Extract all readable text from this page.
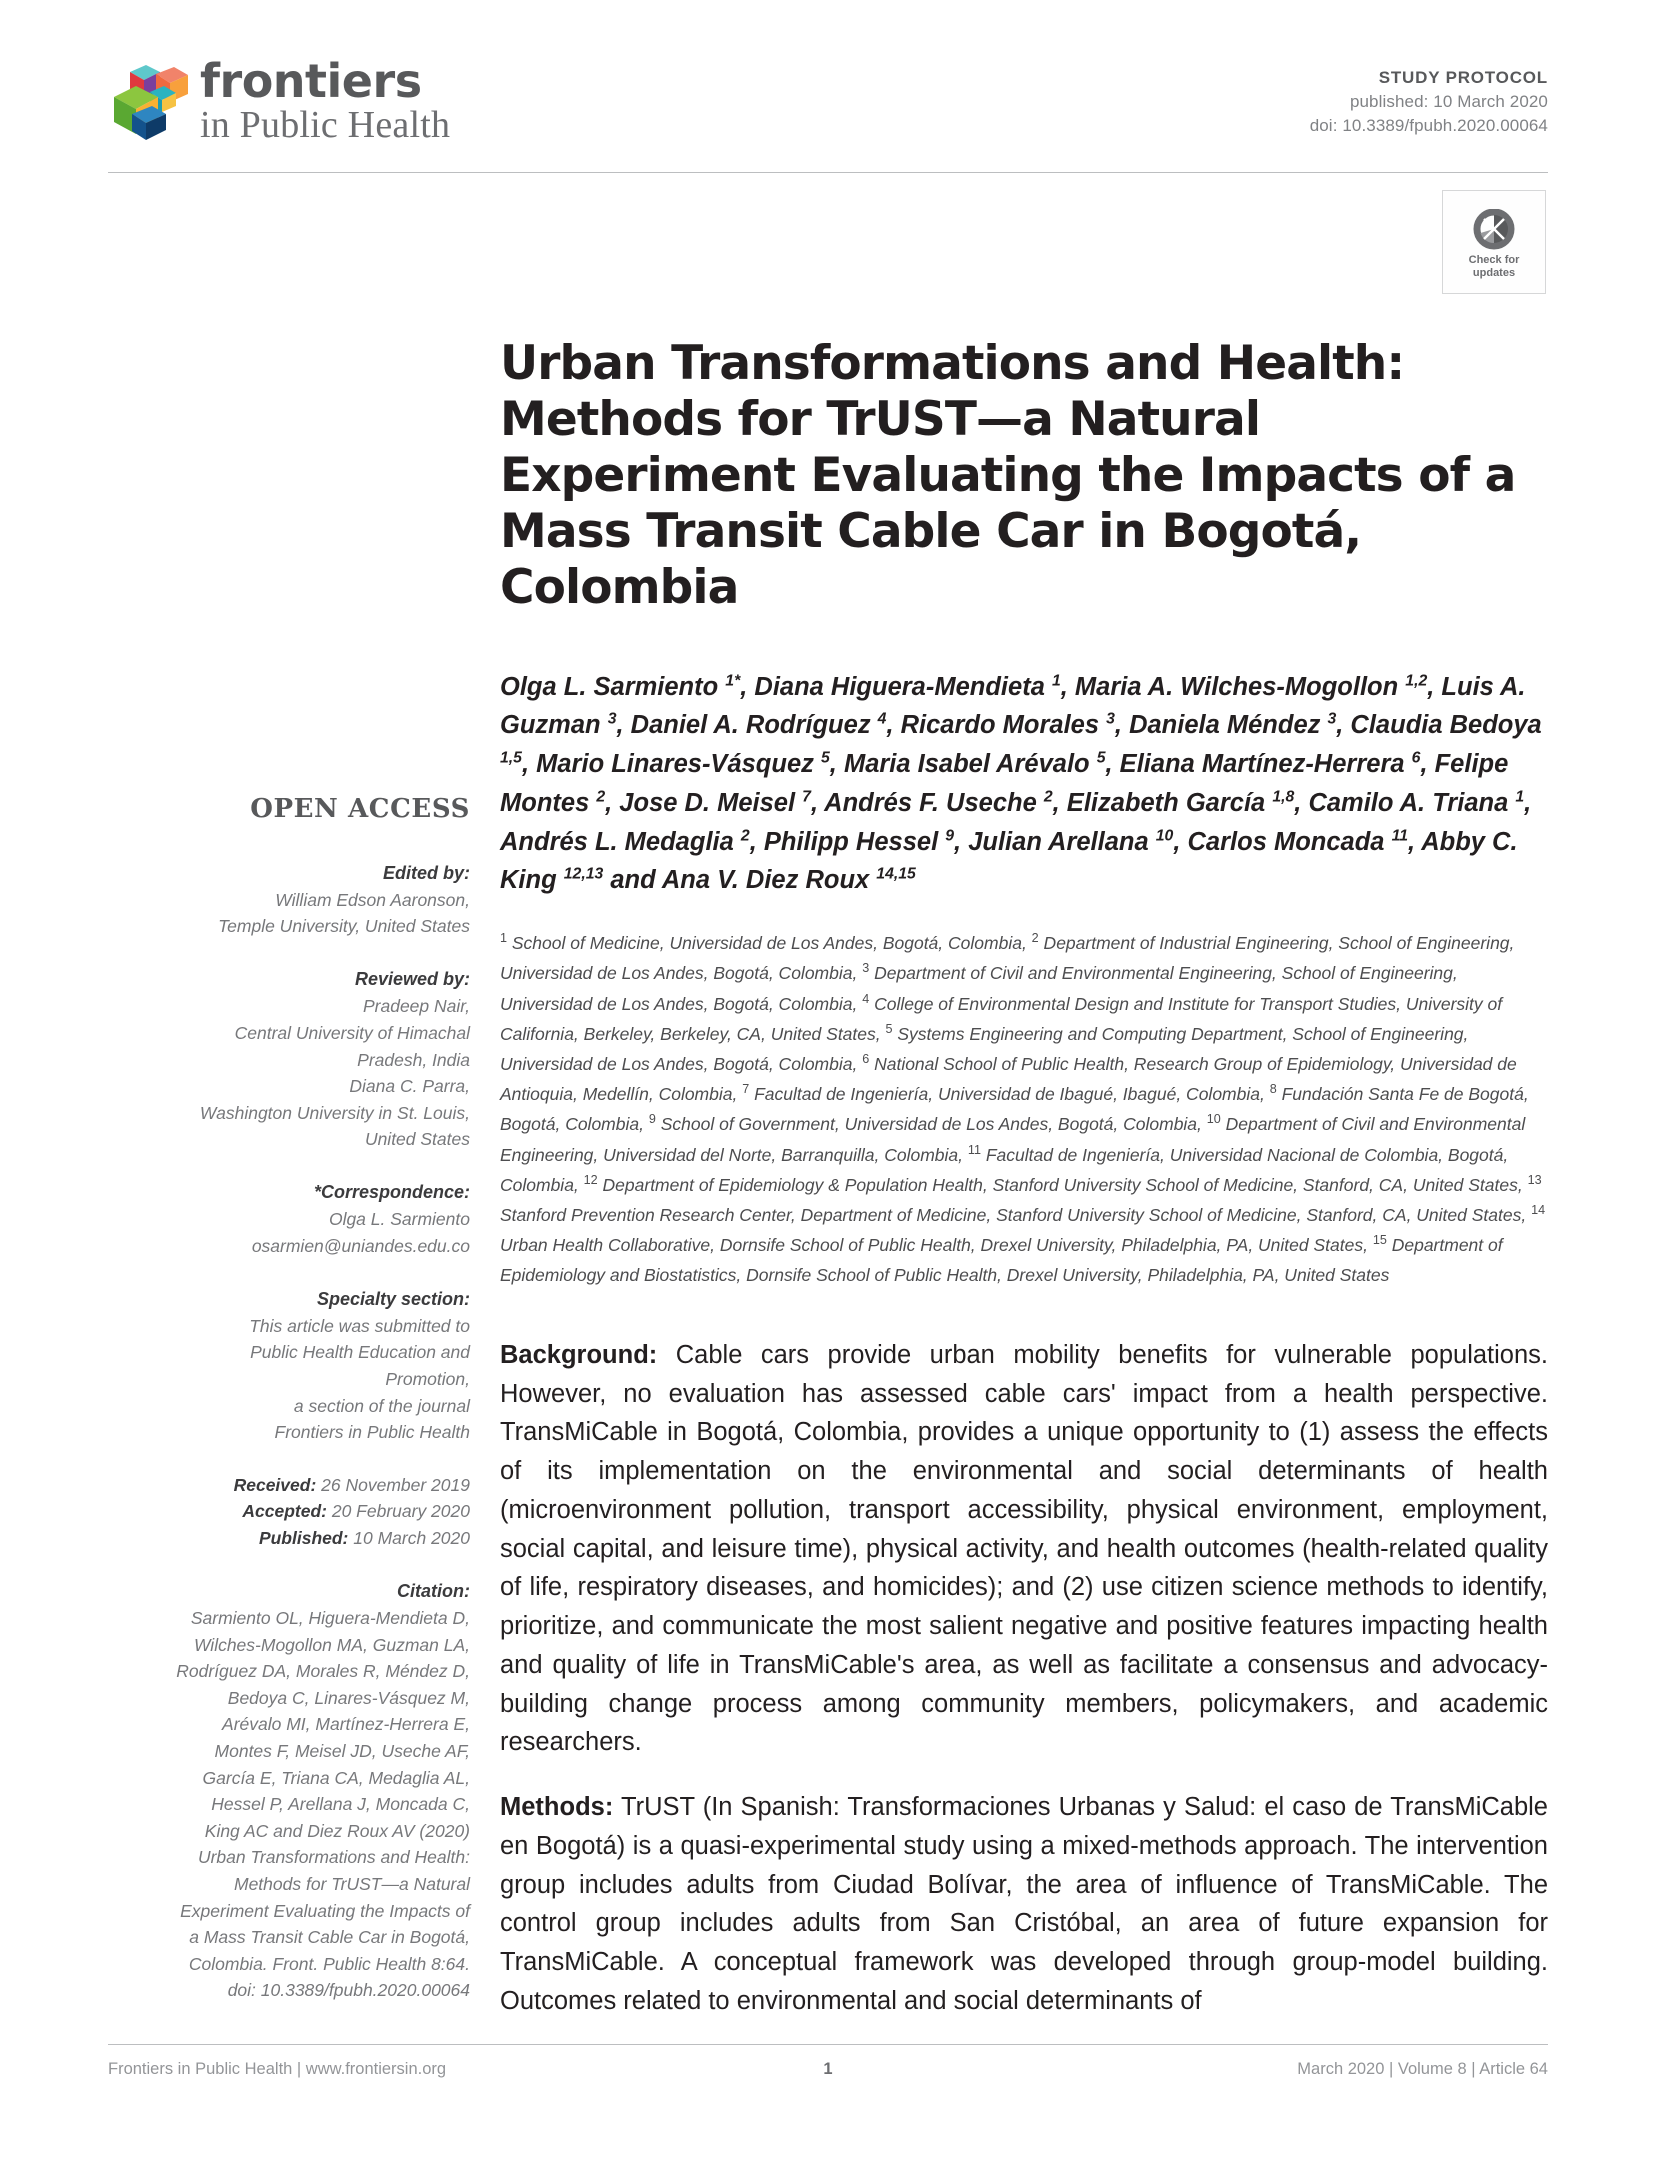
frontiers
in Public Health
STUDY PROTOCOL
published: 10 March 2020
doi: 10.3389/fpubh.2020.00064
Check for
updates
OPEN ACCESS
Edited by:
William Edson Aaronson,
Temple University, United States
Reviewed by:
Pradeep Nair,
Central University of Himachal
Pradesh, India
Diana C. Parra,
Washington University in St. Louis,
United States
*Correspondence:
Olga L. Sarmiento
osarmien@uniandes.edu.co
Specialty section:
This article was submitted to
Public Health Education and
Promotion,
a section of the journal
Frontiers in Public Health
Received: 26 November 2019
Accepted: 20 February 2020
Published: 10 March 2020
Citation:
Sarmiento OL, Higuera-Mendieta D,
Wilches-Mogollon MA, Guzman LA,
Rodríguez DA, Morales R, Méndez D,
Bedoya C, Linares-Vásquez M,
Arévalo MI, Martínez-Herrera E,
Montes F, Meisel JD, Useche AF,
García E, Triana CA, Medaglia AL,
Hessel P, Arellana J, Moncada C,
King AC and Diez Roux AV (2020)
Urban Transformations and Health:
Methods for TrUST—a Natural
Experiment Evaluating the Impacts of
a Mass Transit Cable Car in Bogotá,
Colombia. Front. Public Health 8:64.
doi: 10.3389/fpubh.2020.00064
Urban Transformations and Health: Methods for TrUST—a Natural Experiment Evaluating the Impacts of a Mass Transit Cable Car in Bogotá, Colombia
Olga L. Sarmiento $^{1*}$, Diana Higuera-Mendieta $^1$, Maria A. Wilches-Mogollon $^{1,2}$, Luis A. Guzman $^3$, Daniel A. Rodríguez $^4$, Ricardo Morales $^3$, Daniela Méndez $^3$, Claudia Bedoya $^{1,5}$, Mario Linares-Vásquez $^5$, Maria Isabel Arévalo $^5$, Eliana Martínez-Herrera $^6$, Felipe Montes $^2$, Jose D. Meisel $^7$, Andrés F. Useche $^2$, Elizabeth García $^{1,8}$, Camilo A. Triana $^1$, Andrés L. Medaglia $^2$, Philipp Hessel $^9$, Julian Arellana $^{10}$, Carlos Moncada $^{11}$, Abby C. King $^{12,13}$ and Ana V. Diez Roux $^{14,15}$
$^1$ School of Medicine, Universidad de Los Andes, Bogotá, Colombia, $^2$ Department of Industrial Engineering, School of Engineering, Universidad de Los Andes, Bogotá, Colombia, $^3$ Department of Civil and Environmental Engineering, School of Engineering, Universidad de Los Andes, Bogotá, Colombia, $^4$ College of Environmental Design and Institute for Transport Studies, University of California, Berkeley, Berkeley, CA, United States, $^5$ Systems Engineering and Computing Department, School of Engineering, Universidad de Los Andes, Bogotá, Colombia, $^6$ National School of Public Health, Research Group of Epidemiology, Universidad de Antioquia, Medellín, Colombia, $^7$ Facultad de Ingeniería, Universidad de Ibagué, Ibagué, Colombia, $^8$ Fundación Santa Fe de Bogotá, Bogotá, Colombia, $^9$ School of Government, Universidad de Los Andes, Bogotá, Colombia, $^{10}$ Department of Civil and Environmental Engineering, Universidad del Norte, Barranquilla, Colombia, $^{11}$ Facultad de Ingeniería, Universidad Nacional de Colombia, Bogotá, Colombia, $^{12}$ Department of Epidemiology & Population Health, Stanford University School of Medicine, Stanford, CA, United States, $^{13}$ Stanford Prevention Research Center, Department of Medicine, Stanford University School of Medicine, Stanford, CA, United States, $^{14}$ Urban Health Collaborative, Dornsife School of Public Health, Drexel University, Philadelphia, PA, United States, $^{15}$ Department of Epidemiology and Biostatistics, Dornsife School of Public Health, Drexel University, Philadelphia, PA, United States

Background: Cable cars provide urban mobility benefits for vulnerable populations. However, no evaluation has assessed cable cars' impact from a health perspective. TransMiCable in Bogotá, Colombia, provides a unique opportunity to (1) assess the effects of its implementation on the environmental and social determinants of health (microenvironment pollution, transport accessibility, physical environment, employment, social capital, and leisure time), physical activity, and health outcomes (health-related quality of life, respiratory diseases, and homicides); and (2) use citizen science methods to identify, prioritize, and communicate the most salient negative and positive features impacting health and quality of life in TransMiCable's area, as well as facilitate a consensus and advocacy-building change process among community members, policymakers, and academic researchers.

Methods: TrUST (In Spanish: Transformaciones Urbanas y Salud: el caso de TransMiCable en Bogotá) is a quasi-experimental study using a mixed-methods approach. The intervention group includes adults from Ciudad Bolívar, the area of influence of TransMiCable. The control group includes adults from San Cristóbal, an area of future expansion for TransMiCable. A conceptual framework was developed through group-model building. Outcomes related to environmental and social determinants of

Frontiers in Public Health | www.frontiersin.org	1	March 2020 | Volume 8 | Article 64
